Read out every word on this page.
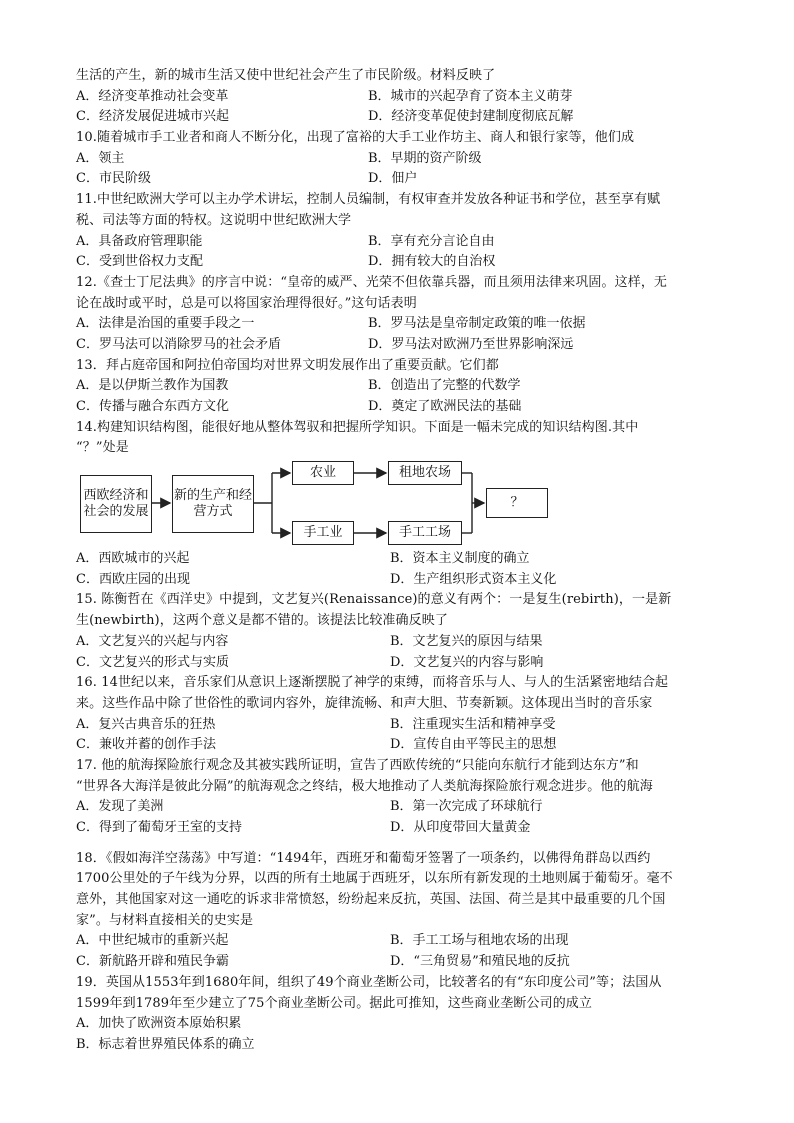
生活的产生，新的城市生活又使中世纪社会产生了市民阶级。材料反映了
A．经济变革推动社会变革	B．城市的兴起孕育了资本主义萌芽
C．经济发展促进城市兴起	D．经济变革促使封建制度彻底瓦解
10.随着城市手工业者和商人不断分化，出现了富裕的大手工业作坊主、商人和银行家等，他们成
A．领主	B．早期的资产阶级
C．市民阶级	D．佃户
11.中世纪欧洲大学可以主办学术讲坛，控制人员编制，有权审查并发放各种证书和学位，甚至享有赋
税、司法等方面的特权。这说明中世纪欧洲大学
A．具备政府管理职能	B．享有充分言论自由
C．受到世俗权力支配	D．拥有较大的自治权
12.《查士丁尼法典》的序言中说：“皇帝的威严、光荣不但依靠兵器，而且须用法律来巩固。这样，无
论在战时或平时，总是可以将国家治理得很好。”这句话表明
A．法律是治国的重要手段之一	B．罗马法是皇帝制定政策的唯一依据
C．罗马法可以消除罗马的社会矛盾	D．罗马法对欧洲乃至世界影响深远
13．拜占庭帝国和阿拉伯帝国均对世界文明发展作出了重要贡献。它们都
A．是以伊斯兰教作为国教	B．创造出了完整的代数学
C．传播与融合东西方文化	D．奠定了欧洲民法的基础
14.构建知识结构图，能很好地从整体驾驭和把握所学知识。下面是一幅未完成的知识结构图.其中
“？”处是
西欧经济和社会的发展
新的生产和经营方式
农业	租地农场
手工业	手工工场
？
A．西欧城市的兴起	B．资本主义制度的确立
C．西欧庄园的出现	D．生产组织形式资本主义化
15. 陈衡哲在《西洋史》中提到，文艺复兴(Renaissance)的意义有两个：一是复生(rebirth)，一是新
生(newbirth)，这两个意义是都不错的。该提法比较准确反映了
A．文艺复兴的兴起与内容	B．文艺复兴的原因与结果
C．文艺复兴的形式与实质	D．文艺复兴的内容与影响
16. 14世纪以来，音乐家们从意识上逐渐摆脱了神学的束缚，而将音乐与人、与人的生活紧密地结合起
来。这些作品中除了世俗性的歌词内容外，旋律流畅、和声大胆、节奏新颖。这体现出当时的音乐家
A．复兴古典音乐的狂热	B．注重现实生活和精神享受
C．兼收并蓄的创作手法	D．宣传自由平等民主的思想
17. 他的航海探险旅行观念及其被实践所证明，宣告了西欧传统的“只能向东航行才能到达东方”和
“世界各大海洋是彼此分隔”的航海观念之终结，极大地推动了人类航海探险旅行观念进步。他的航海
A．发现了美洲	B．第一次完成了环球航行
C．得到了葡萄牙王室的支持	D．从印度带回大量黄金
18．《假如海洋空荡荡》中写道：“1494年，西班牙和葡萄牙签署了一项条约，以佛得角群岛以西约
1700公里处的子午线为分界，以西的所有土地属于西班牙，以东所有新发现的土地则属于葡萄牙。毫不
意外，其他国家对这一通吃的诉求非常愤怒，纷纷起来反抗，英国、法国、荷兰是其中最重要的几个国
家”。与材料直接相关的史实是
A．中世纪城市的重新兴起	B．手工工场与租地农场的出现
C．新航路开辟和殖民争霸	D．“三角贸易”和殖民地的反抗
19．英国从1553年到1680年间，组织了49个商业垄断公司，比较著名的有“东印度公司”等；法国从
1599年到1789年至少建立了75个商业垄断公司。据此可推知，这些商业垄断公司的成立
A．加快了欧洲资本原始积累
B．标志着世界殖民体系的确立
